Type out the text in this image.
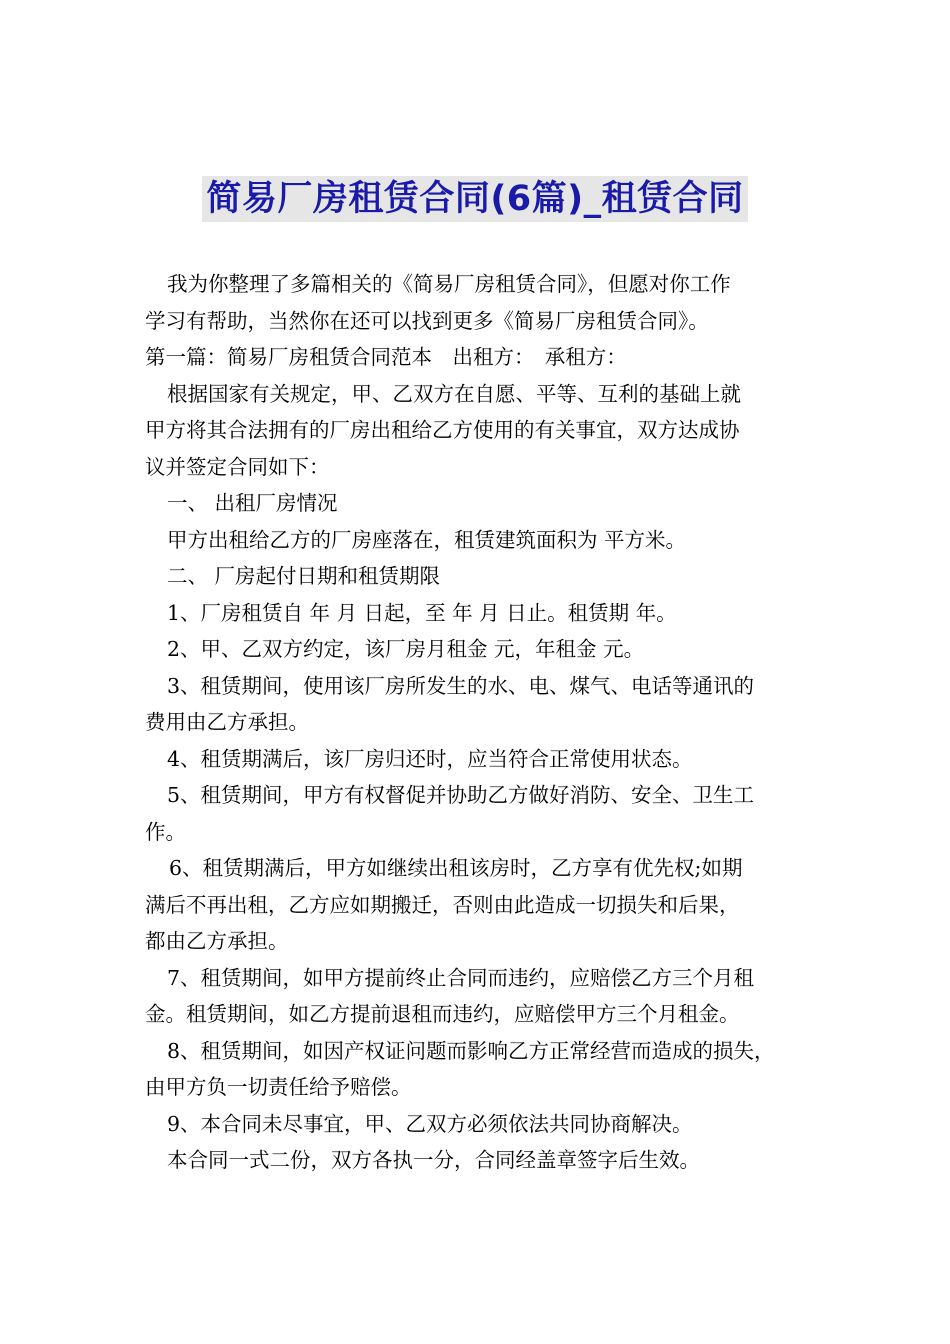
简易厂房租赁合同(6篇)_租赁合同

我为你整理了多篇相关的《简易厂房租赁合同》，但愿对你工作

学习有帮助，当然你在还可以找到更多《简易厂房租赁合同》。

第一篇：简易厂房租赁合同范本　出租方：　承租方：

根据国家有关规定，甲、乙双方在自愿、平等、互利的基础上就

甲方将其合法拥有的厂房出租给乙方使用的有关事宜，双方达成协

议并签定合同如下：

一、 出租厂房情况

甲方出租给乙方的厂房座落在，租赁建筑面积为 平方米。

二、 厂房起付日期和租赁期限

1、厂房租赁自 年 月 日起，至 年 月 日止。租赁期 年。

2、甲、乙双方约定，该厂房月租金 元，年租金 元。

3、租赁期间，使用该厂房所发生的水、电、煤气、电话等通讯的

费用由乙方承担。

4、租赁期满后，该厂房归还时，应当符合正常使用状态。

5、租赁期间，甲方有权督促并协助乙方做好消防、安全、卫生工

作。

6、租赁期满后，甲方如继续出租该房时，乙方享有优先权;如期

满后不再出租，乙方应如期搬迁，否则由此造成一切损失和后果，

都由乙方承担。

7、租赁期间，如甲方提前终止合同而违约，应赔偿乙方三个月租

金。租赁期间，如乙方提前退租而违约，应赔偿甲方三个月租金。

8、租赁期间，如因产权证问题而影响乙方正常经营而造成的损失，

由甲方负一切责任给予赔偿。

9、本合同未尽事宜，甲、乙双方必须依法共同协商解决。

本合同一式二份，双方各执一分，合同经盖章签字后生效。
